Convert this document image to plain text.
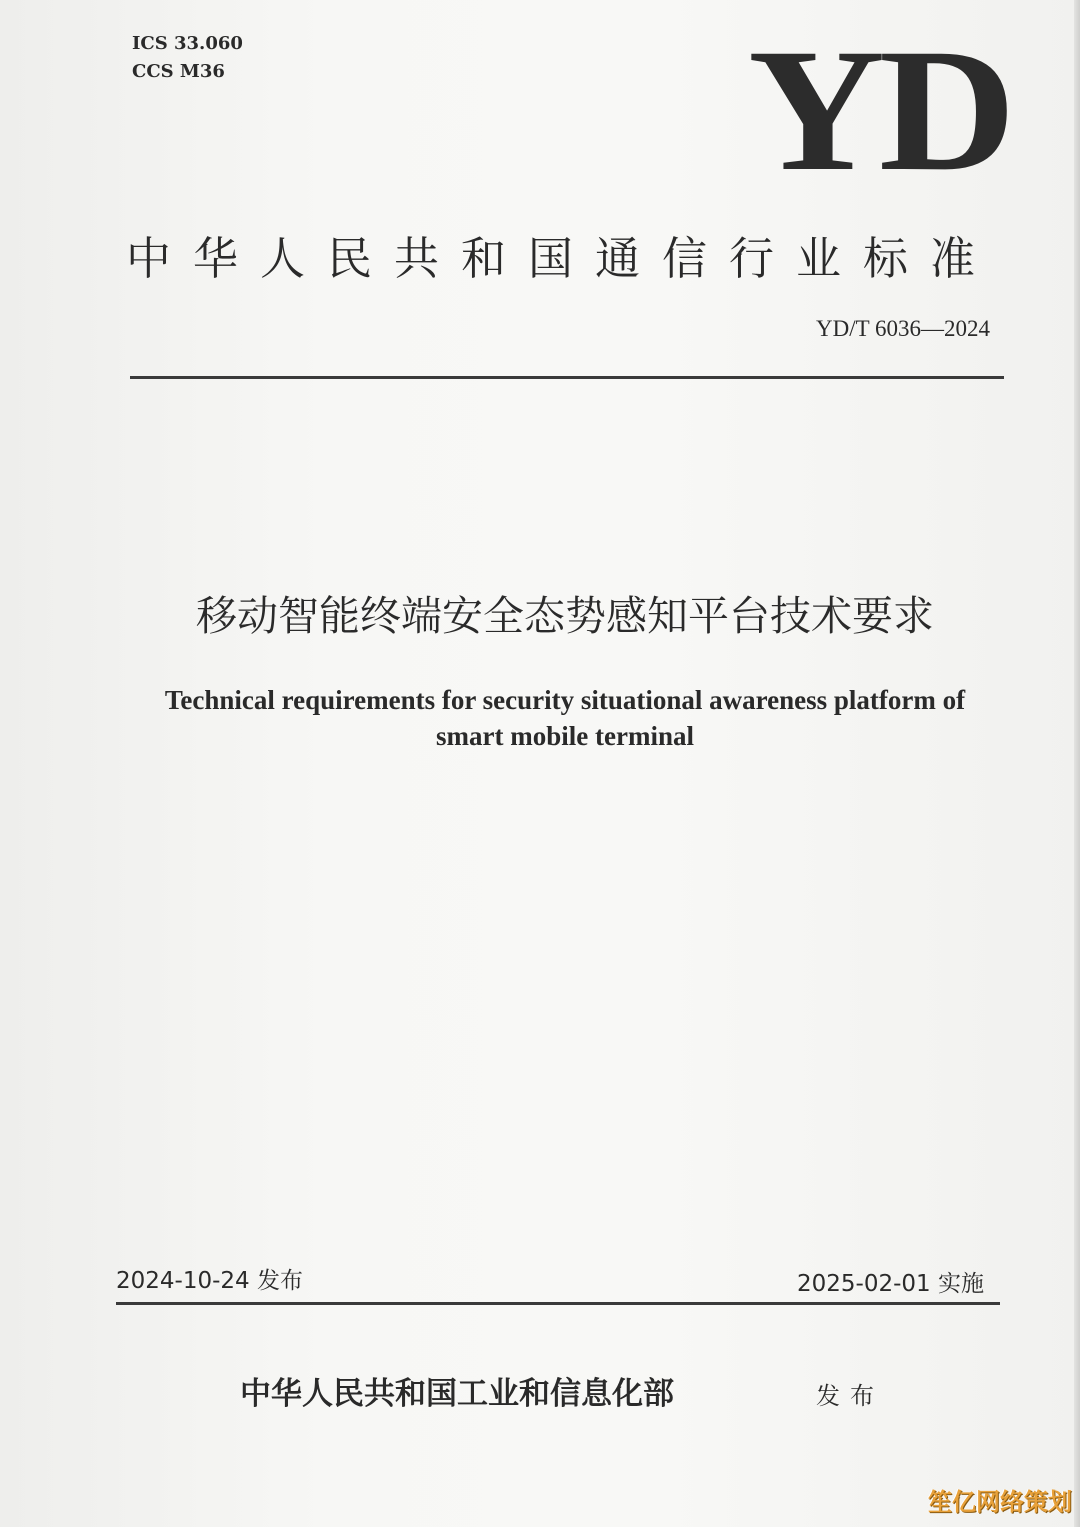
ICS 33.060
CCS M36	YD
中华人民共和国通信行业标准
YD/T 6036—2024
移动智能终端安全态势感知平台技术要求
Technical requirements for security situational awareness platform of
smart mobile terminal
2024-10-24 发布	2025-02-01 实施
中华人民共和国工业和信息化部	发布
笙亿网络策划
